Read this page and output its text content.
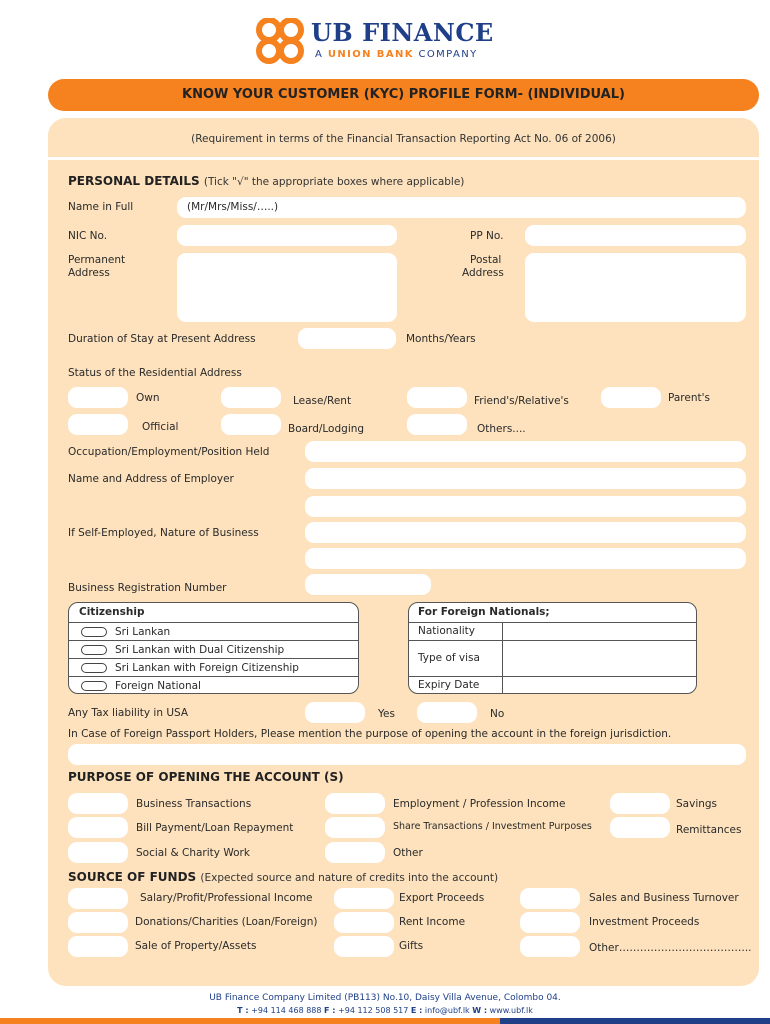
UB FINANCE
A UNION BANK COMPANY
KNOW YOUR CUSTOMER (KYC) PROFILE FORM- (INDIVIDUAL)
(Requirement in terms of the Financial Transaction Reporting Act No. 06 of 2006)
PERSONAL DETAILS (Tick "√" the appropriate boxes where applicable)
Name in Full	(Mr/Mrs/Miss/…..)
NIC No.	PP No.
Permanent
Address
Postal
Address
Duration of Stay at Present Address	Months/Years
Status of the Residential Address
Own	Lease/Rent	Friend's/Relative's	Parent's
Official	Board/Lodging	Others....
Occupation/Employment/Position Held
Name and Address of Employer
If Self-Employed, Nature of Business
Business Registration Number
Citizenship
Sri Lankan
Sri Lankan with Dual Citizenship
Sri Lankan with Foreign Citizenship
Foreign National
For Foreign Nationals;
Nationality
Type of visa
Expiry Date
Any Tax liability in USA	Yes	No
In Case of Foreign Passport Holders, Please mention the purpose of opening the account in the foreign jurisdiction.
PURPOSE OF OPENING THE ACCOUNT (S)
Business Transactions	Employment / Profession Income	Savings
Bill Payment/Loan Repayment	Share Transactions / Investment Purposes	Remittances
Social & Charity Work	Other
SOURCE OF FUNDS (Expected source and nature of credits into the account)
Salary/Profit/Professional Income	Export Proceeds	Sales and Business Turnover
Donations/Charities (Loan/Foreign)	Rent Income	Investment Proceeds
Sale of Property/Assets	Gifts	Other………………………………..
UB Finance Company Limited (PB113) No.10, Daisy Villa Avenue, Colombo 04.
T : +94 114 468 888 F : +94 112 508 517 E : info@ubf.lk W : www.ubf.lk
